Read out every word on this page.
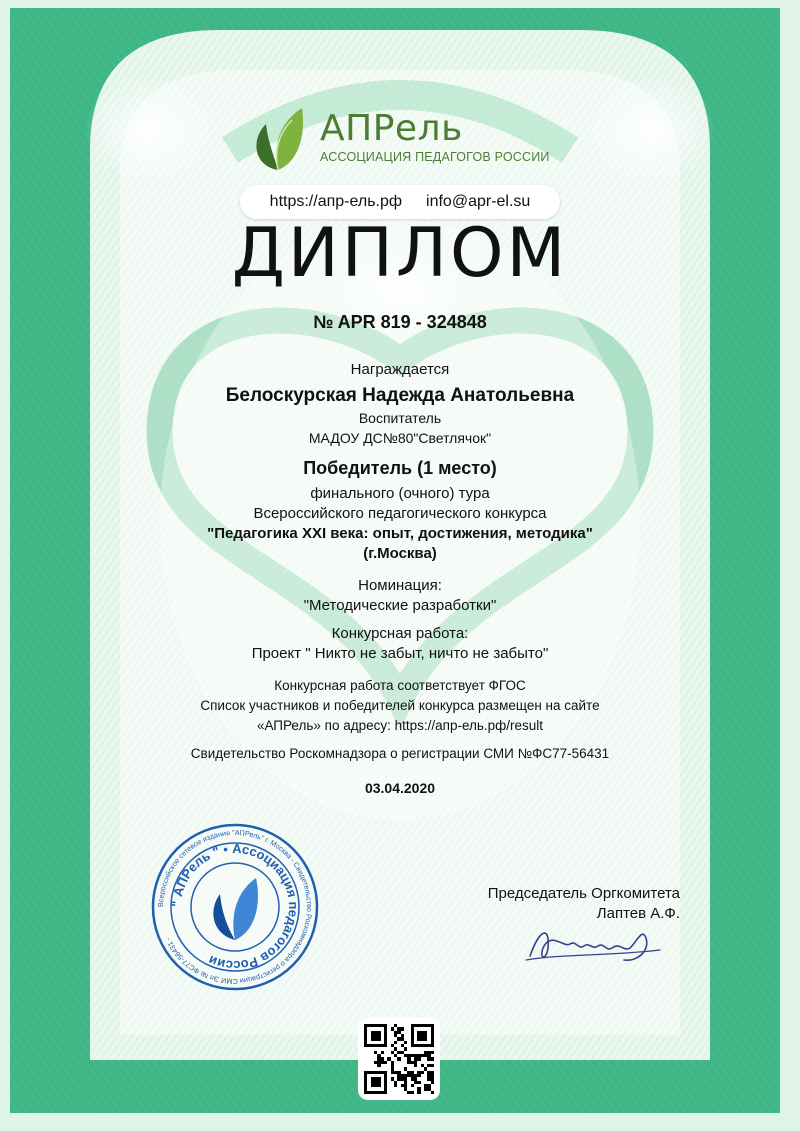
АПРель
АССОЦИАЦИЯ ПЕДАГОГОВ РОССИИ
https://апр-ель.рф info@apr-el.su
ДИПЛОМ
№ APR 819 - 324848
Награждается
Белоскурская Надежда Анатольевна
Воспитатель
МАДОУ ДС№80"Светлячок"
Победитель (1 место)
финального (очного) тура
Всероссийского педагогического конкурса
"Педагогика XXI века: опыт, достижения, методика"
(г.Москва)
Номинация:
"Методические разработки"
Конкурсная работа:
Проект " Никто не забыт, ничто не забыто"
Конкурсная работа соответствует ФГОС
Список участников и победителей конкурса размещен на сайте
«АПРель» по адресу: https://апр-ель.рф/result
Свидетельство Роскомнадзора о регистрации СМИ №ФС77-56431
03.04.2020
Всероссийское сетевое издание "АПРель" г. Москва - Свидетельство Роскомнадзора о регистрации СМИ Эл № ФС77-56431 -
" АПРель " • Ассоциация педагогов России
Председатель Оргкомитета
Лаптев А.Ф.
